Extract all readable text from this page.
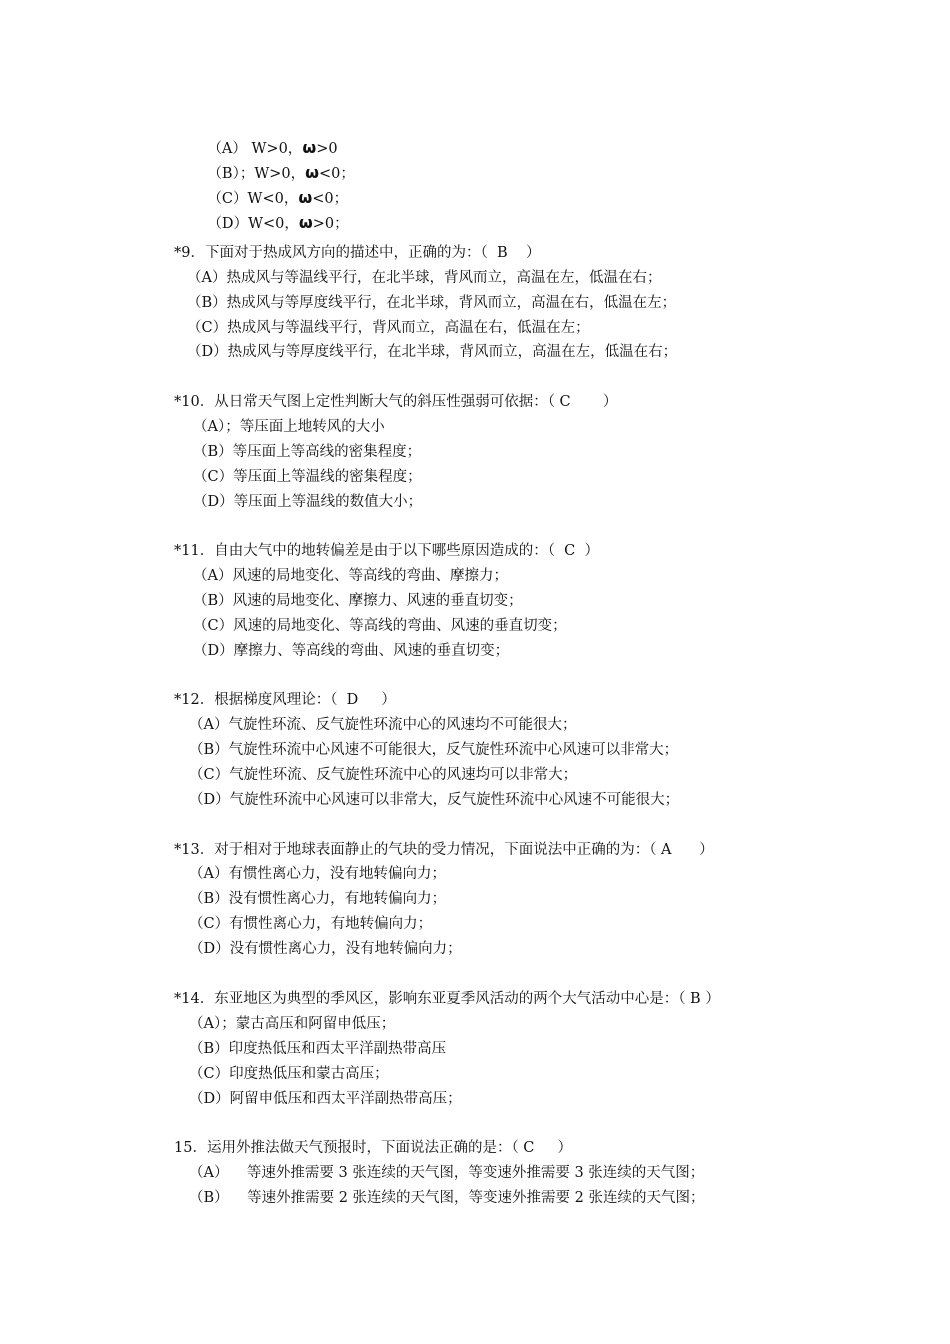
（A） W>0，ω>0

（B）；W>0，ω<0；

（C）W<0，ω<0；

（D）W<0，ω>0；

*9．下面对于热成风方向的描述中，正确的为：（  B    ）
（A）热成风与等温线平行，在北半球，背风而立，高温在左，低温在右；
（B）热成风与等厚度线平行，在北半球，背风而立，高温在右，低温在左；
（C）热成风与等温线平行，背风而立，高温在右，低温在左；
（D）热成风与等厚度线平行，在北半球，背风而立，高温在左，低温在右；
*10．从日常天气图上定性判断大气的斜压性强弱可依据：（ C       ）
（A）；等压面上地转风的大小
（B）等压面上等高线的密集程度；
（C）等压面上等温线的密集程度；
（D）等压面上等温线的数值大小；
*11．自由大气中的地转偏差是由于以下哪些原因造成的：（  C  ）
（A）风速的局地变化、等高线的弯曲、摩擦力；
（B）风速的局地变化、摩擦力、风速的垂直切变；
（C）风速的局地变化、等高线的弯曲、风速的垂直切变；
（D）摩擦力、等高线的弯曲、风速的垂直切变；
*12．根据梯度风理论：（  D     ）
（A）气旋性环流、反气旋性环流中心的风速均不可能很大；
（B）气旋性环流中心风速不可能很大，反气旋性环流中心风速可以非常大；
（C）气旋性环流、反气旋性环流中心的风速均可以非常大；
（D）气旋性环流中心风速可以非常大，反气旋性环流中心风速不可能很大；
*13．对于相对于地球表面静止的气块的受力情况，下面说法中正确的为：（ A      ）
（A）有惯性离心力，没有地转偏向力；
（B）没有惯性离心力，有地转偏向力；
（C）有惯性离心力，有地转偏向力；
（D）没有惯性离心力，没有地转偏向力；
*14．东亚地区为典型的季风区，影响东亚夏季风活动的两个大气活动中心是：（ B ）
（A）；蒙古高压和阿留申低压；
（B）印度热低压和西太平洋副热带高压
（C）印度热低压和蒙古高压；
（D）阿留申低压和西太平洋副热带高压；
15．运用外推法做天气预报时，下面说法正确的是：（ C     ）
（A）    等速外推需要 3 张连续的天气图，等变速外推需要 3 张连续的天气图；
（B）    等速外推需要 2 张连续的天气图，等变速外推需要 2 张连续的天气图；
